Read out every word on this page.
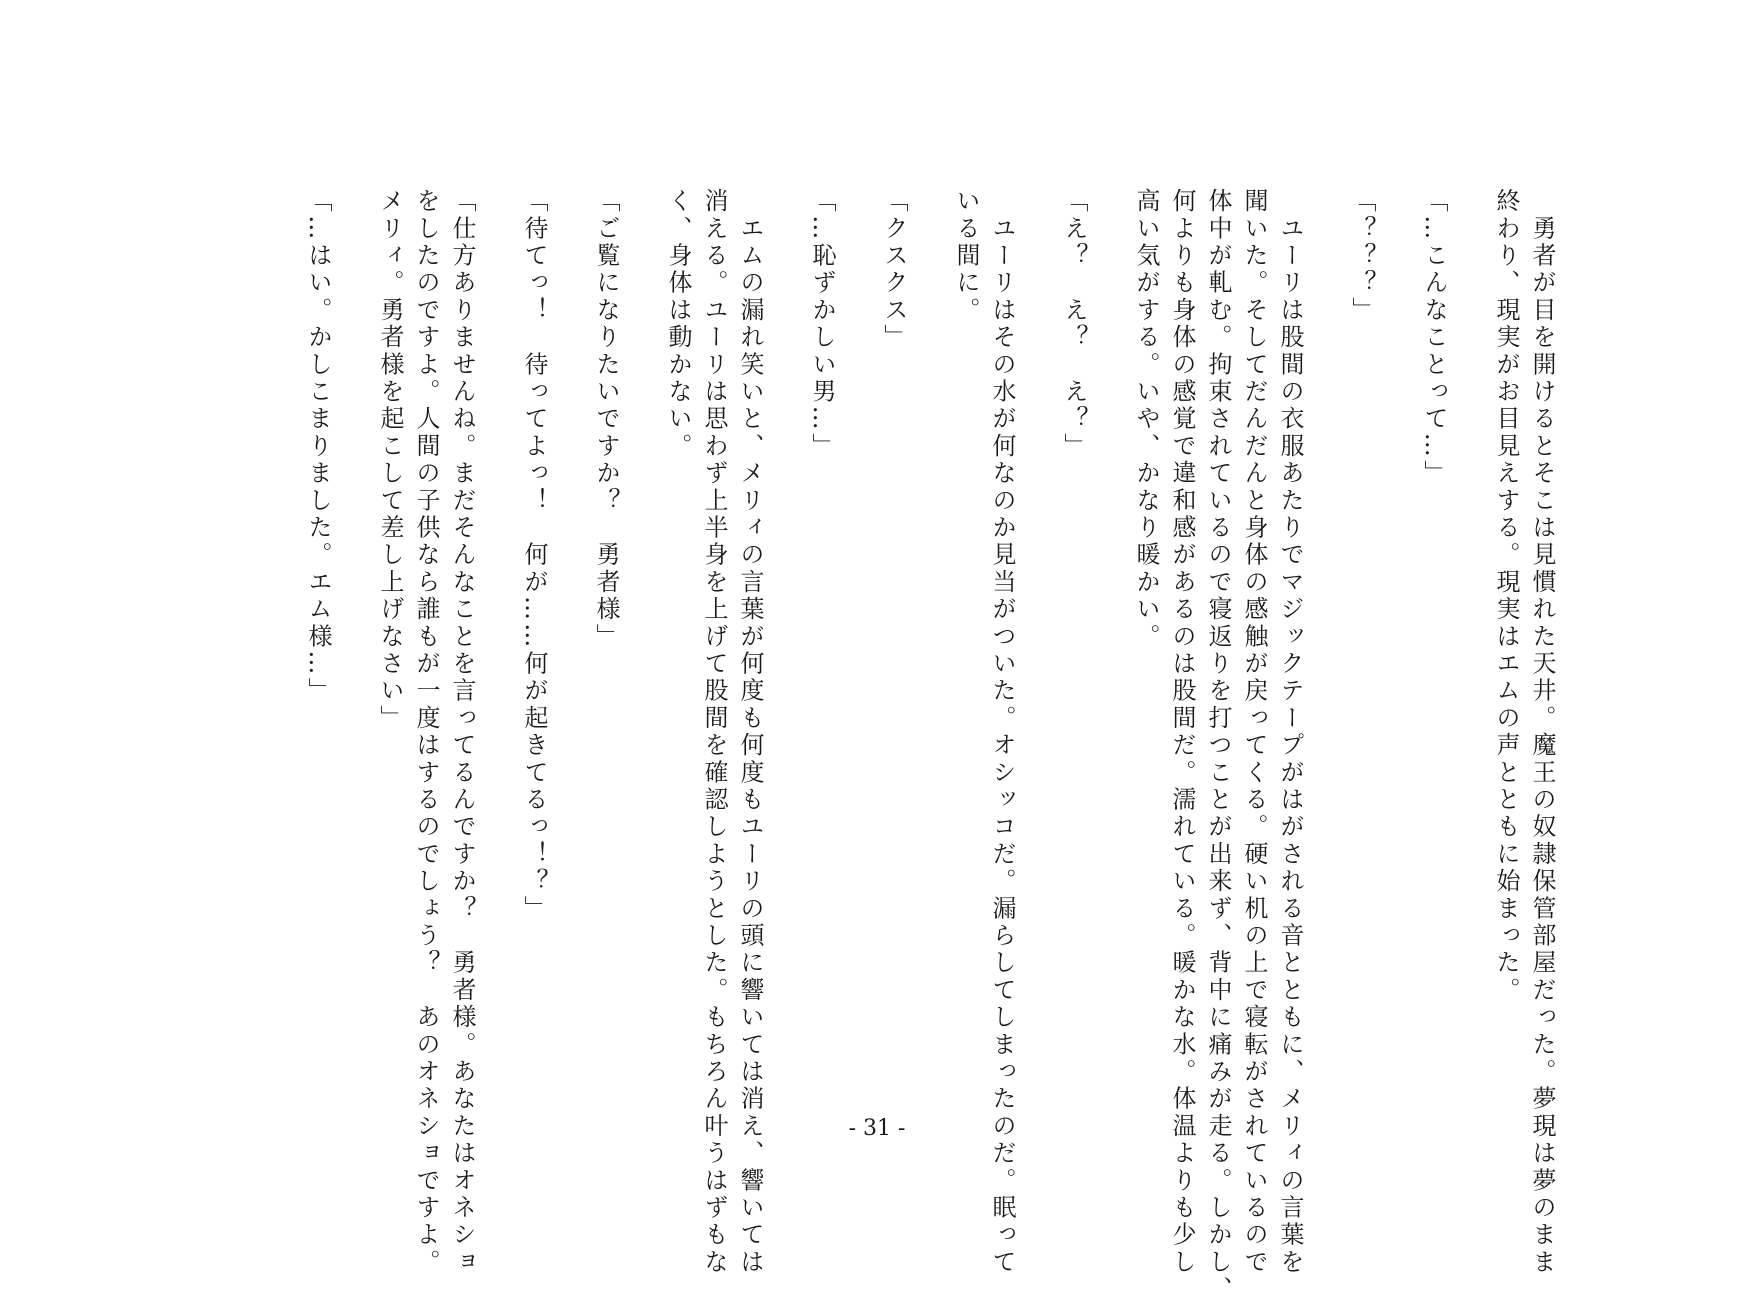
　勇者が目を開けるとそこは見慣れた天井。魔王の奴隷保管部屋だった。夢現は夢のまま
終わり、現実がお目見えする。現実はエムの声とともに始まった。
「…こんなことって…」
「？？？」
　ユーリは股間の衣服あたりでマジックテープがはがされる音とともに、メリィの言葉を
聞いた。そしてだんだんと身体の感触が戻ってくる。硬い机の上で寝転がされているので
体中が軋む。拘束されているので寝返りを打つことが出来ず、背中に痛みが走る。しかし、
何よりも身体の感覚で違和感があるのは股間だ。濡れている。暖かな水。体温よりも少し
高い気がする。いや、かなり暖かい。
「え？　え？　え？」
　ユーリはその水が何なのか見当がついた。オシッコだ。漏らしてしまったのだ。眠って
いる間に。
「クスクス」
「…恥ずかしい男…」
　エムの漏れ笑いと、メリィの言葉が何度も何度もユーリの頭に響いては消え、響いては
消える。ユーリは思わず上半身を上げて股間を確認しようとした。もちろん叶うはずもな
く、身体は動かない。
「ご覧になりたいですか？　勇者様」
「待てっ！　待ってよっ！　何が……何が起きてるっ！？」
「仕方ありませんね。まだそんなことを言ってるんですか？　勇者様。あなたはオネショ
をしたのですよ。人間の子供なら誰もが一度はするのでしょう？　あのオネショですよ。
メリィ。勇者様を起こして差し上げなさい」
「…はい。かしこまりました。エム様…」
- 31 -
